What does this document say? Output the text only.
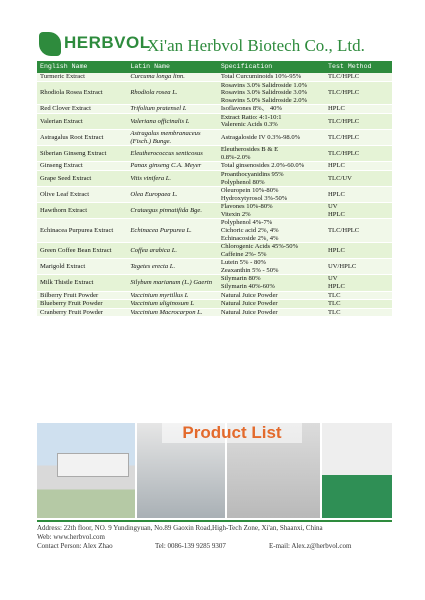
HERBVOL
Xi'an Herbvol Biotech Co., Ltd.
English Name	Latin Name	Specification	Test Method

Turmeric Extract	Curcuma longa linn.	Total Curcuminoids 10%-95%	TLC/HPLC

Rhodiola Rosea Extract	Rhodiola rosea L.	Rosavins 3.0% Salidroside 1.0%
Rosavins 3.0% Salidroside 3.0%
Rosavins 5.0% Salidroside 2.0%	TLC/HPLC

Red Clover Extract	Trifolium pratensel L	Isoflavones 8%、 40%	HPLC

Valerian Extract	Valeriana officinalis L	Extract Ratio: 4:1-10:1
Valerenic Acids 0.3%	TLC/HPLC

Astragalus Root Extract	Astragalus membranaceus (Fisch.) Bunge.	Astragaloside IV 0.3%-98.0%	TLC/HPLC

Siberian Ginseng Extract	Eleutherococcus senticosus	Eleutherosides B & E
0.8%-2.0%	TLC/HPLC

Ginseng Extract	Panax ginseng C.A. Meyer	Total ginsenosides 2.0%-60.0%	HPLC

Grape Seed Extract	Vitis vinifera L.	Proanthocyanidins 95%
Polyphenol 80%	TLC/UV

Olive Leaf Extract	Olea Europaea L.	Oleuropein 10%-80%
Hydroxytyrosol 3%-50%	HPLC

Hawthorn Extract	Crataegus pinnatifida Bge.	Flavones 10%-80%
Vitexin 2%	UV
HPLC

Echinacea Purpurea Extract	Echinacea Purpurea L.	Polyphenol 4%-7%
Cichoric acid 2%, 4%
Echinacoside 2%, 4%	TLC/HPLC

Green Coffee Bean Extract	Coffea arabica L.	Chlorogenic Acids 45%-50%
Caffeine 2%- 5%	HPLC

Marigold Extract	Tagetes erecta L.	Lutein 5% - 80%
Zeaxanthin 5% - 50%	UV/HPLC

Milk Thistle Extract	Silybum marianum (L.) Gaertn	Silymarin 80%
Silymarin 40%-60%	UV
HPLC

Bilberry Fruit Powder	Vaccinium myrtillus L	Natural Juice Powder	TLC

Blueberry Fruit Powder	Vaccinium uliginosum L	Natural Juice Powder	TLC

Cranberry Fruit Powder	Vaccinium Macrocarpon L.	Natural Juice Powder	TLC
Product List
Address: 22th floor, NO. 9 Yundingyuan, No.89 Gaoxin Road,High-Tech Zone, Xi'an, Shaanxi, China
Web: www.herbvol.com
Contact Person: Alex Zhao	Tel: 0086-139 9285 9307	E-mail: Alex.z@herbvol.com
